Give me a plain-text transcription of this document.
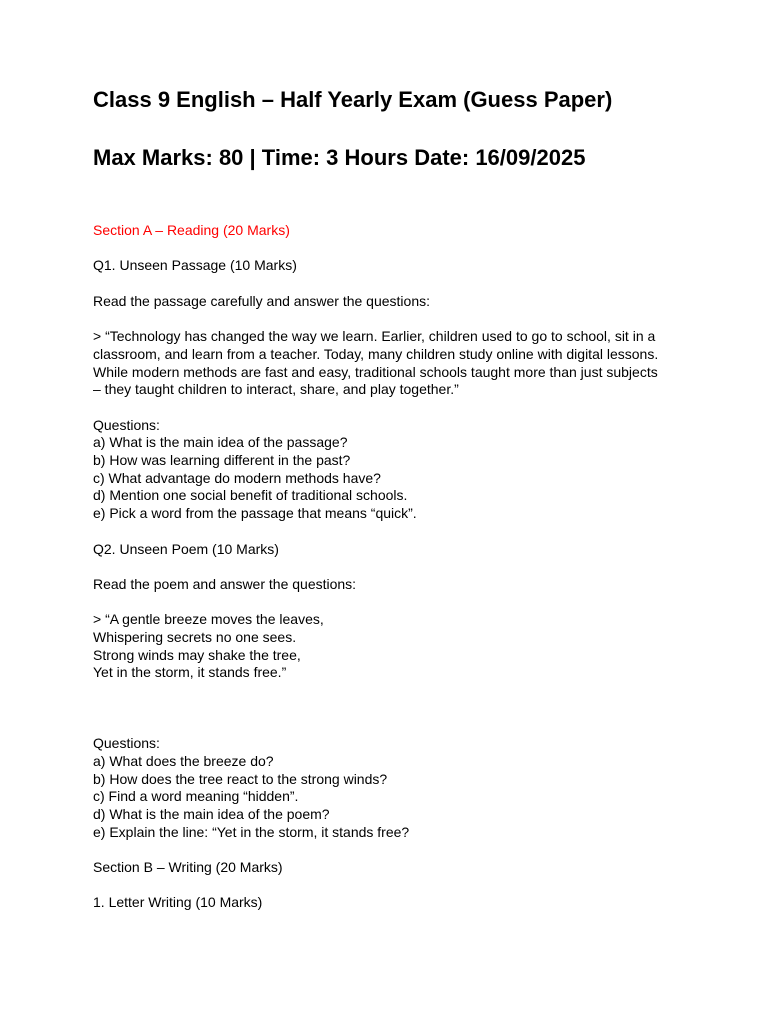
Class 9 English – Half Yearly Exam (Guess Paper)
Max Marks: 80 | Time: 3 Hours Date: 16/09/2025
Section A – Reading (20 Marks)
Q1. Unseen Passage (10 Marks)
Read the passage carefully and answer the questions:
> “Technology has changed the way we learn. Earlier, children used to go to school, sit in a
classroom, and learn from a teacher. Today, many children study online with digital lessons.
While modern methods are fast and easy, traditional schools taught more than just subjects
– they taught children to interact, share, and play together.”
Questions:
a) What is the main idea of the passage?
b) How was learning different in the past?
c) What advantage do modern methods have?
d) Mention one social benefit of traditional schools.
e) Pick a word from the passage that means “quick”.
Q2. Unseen Poem (10 Marks)
Read the poem and answer the questions:
> “A gentle breeze moves the leaves,
Whispering secrets no one sees.
Strong winds may shake the tree,
Yet in the storm, it stands free.”
Questions:
a) What does the breeze do?
b) How does the tree react to the strong winds?
c) Find a word meaning “hidden”.
d) What is the main idea of the poem?
e) Explain the line: “Yet in the storm, it stands free?
Section B – Writing (20 Marks)
1. Letter Writing (10 Marks)
